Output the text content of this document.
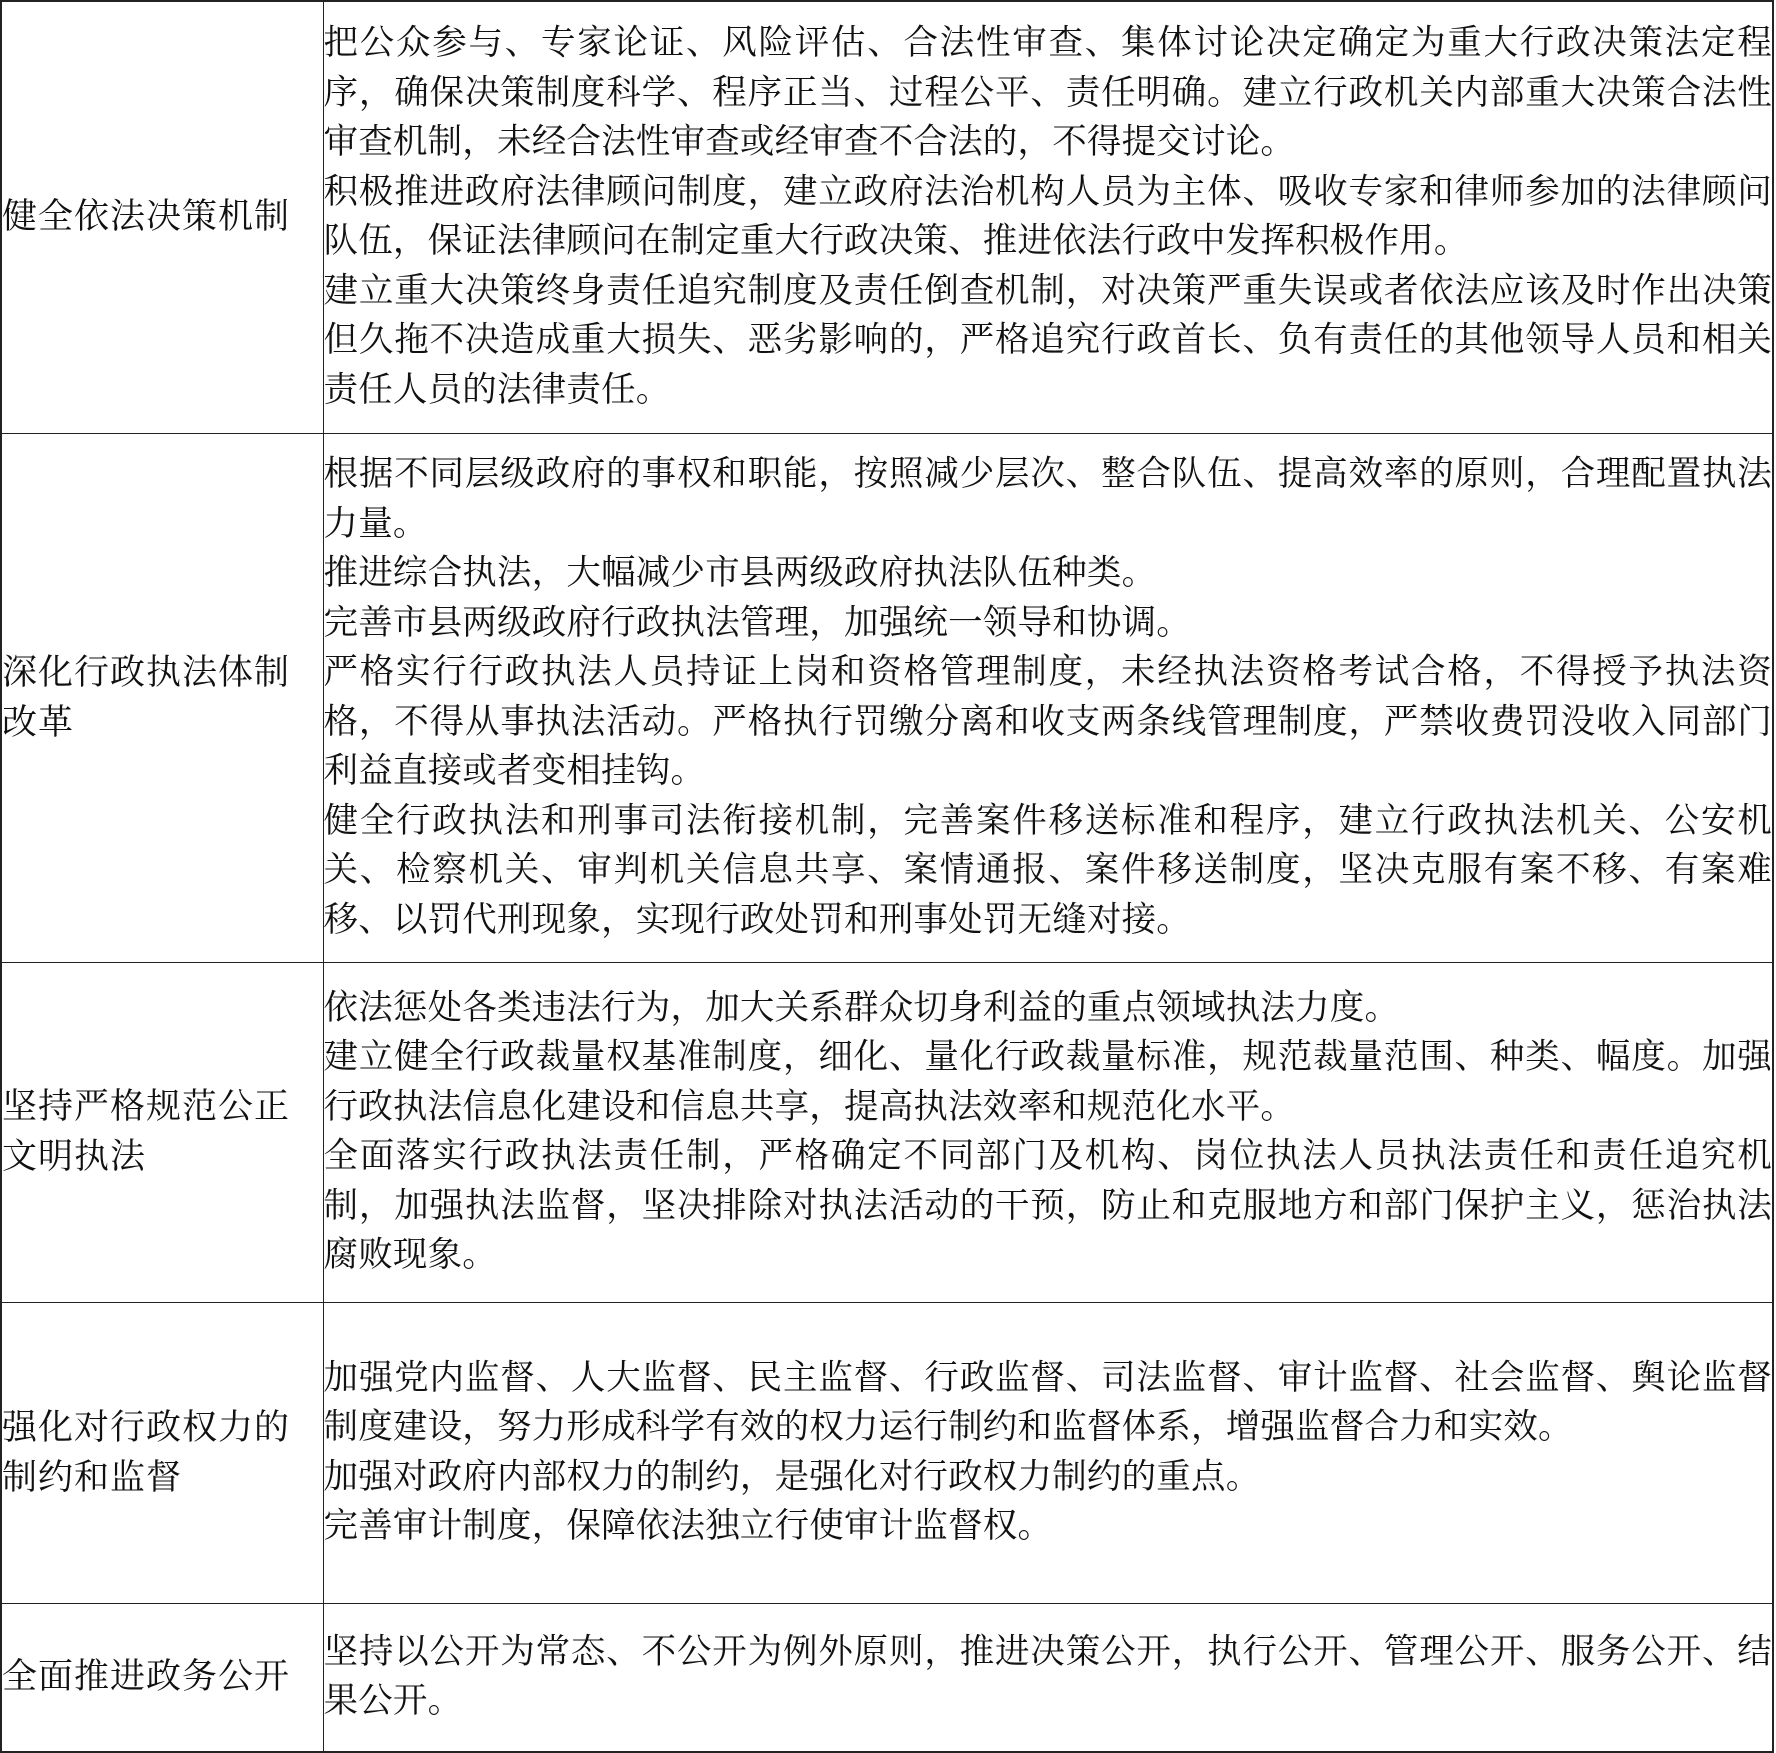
健全依法决策机制	把公众参与、专家论证、风险评估、合法性审查、集体讨论决定确定为重大行政决策法定程序，确保决策制度科学、程序正当、过程公平、责任明确。建立行政机关内部重大决策合法性审查机制，未经合法性审查或经审查不合法的，不得提交讨论。

积极推进政府法律顾问制度，建立政府法治机构人员为主体、吸收专家和律师参加的法律顾问队伍，保证法律顾问在制定重大行政决策、推进依法行政中发挥积极作用。

建立重大决策终身责任追究制度及责任倒查机制，对决策严重失误或者依法应该及时作出决策但久拖不决造成重大损失、恶劣影响的，严格追究行政首长、负有责任的其他领导人员和相关责任人员的法律责任。

深化行政执法体制改革	根据不同层级政府的事权和职能，按照减少层次、整合队伍、提高效率的原则，合理配置执法力量。

推进综合执法，大幅减少市县两级政府执法队伍种类。

完善市县两级政府行政执法管理，加强统一领导和协调。

严格实行行政执法人员持证上岗和资格管理制度，未经执法资格考试合格，不得授予执法资格，不得从事执法活动。严格执行罚缴分离和收支两条线管理制度，严禁收费罚没收入同部门利益直接或者变相挂钩。

健全行政执法和刑事司法衔接机制，完善案件移送标准和程序，建立行政执法机关、公安机关、检察机关、审判机关信息共享、案情通报、案件移送制度，坚决克服有案不移、有案难移、以罚代刑现象，实现行政处罚和刑事处罚无缝对接。

坚持严格规范公正文明执法	依法惩处各类违法行为，加大关系群众切身利益的重点领域执法力度。

建立健全行政裁量权基准制度，细化、量化行政裁量标准，规范裁量范围、种类、幅度。加强行政执法信息化建设和信息共享，提高执法效率和规范化水平。

全面落实行政执法责任制，严格确定不同部门及机构、岗位执法人员执法责任和责任追究机制，加强执法监督，坚决排除对执法活动的干预，防止和克服地方和部门保护主义，惩治执法腐败现象。

强化对行政权力的制约和监督	加强党内监督、人大监督、民主监督、行政监督、司法监督、审计监督、社会监督、舆论监督制度建设，努力形成科学有效的权力运行制约和监督体系，增强监督合力和实效。

加强对政府内部权力的制约，是强化对行政权力制约的重点。

完善审计制度，保障依法独立行使审计监督权。

全面推进政务公开	坚持以公开为常态、不公开为例外原则，推进决策公开，执行公开、管理公开、服务公开、结果公开。
